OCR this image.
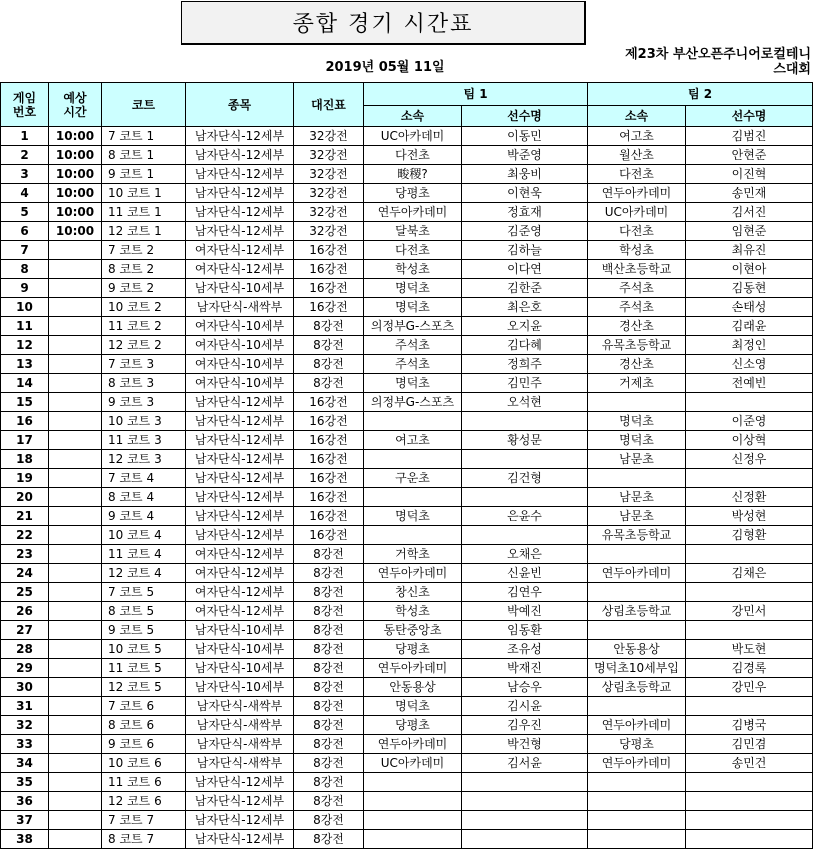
종합 경기 시간표
2019년 05월 11일
제23차 부산오픈주니어로컬테니
스대회
게임
번호	예상
시간	코트	종목	대진표	팀 1		팀 2	
					소속	선수명	소속	선수명
1	10:00	7 코트 1	남자단식-12세부	32강전	UC아카데미	이동민	여고초	김범진
2	10:00	8 코트 1	남자단식-12세부	32강전	다전초	박준영	월산초	안현준
3	10:00	9 코트 1	남자단식-12세부	32강전	畯稷?	최웅비	다전초	이진혁
4	10:00	10 코트 1	남자단식-12세부	32강전	당평초	이현욱	연두아카데미	송민재
5	10:00	11 코트 1	남자단식-12세부	32강전	연두아카데미	정효재	UC아카데미	김서진
6	10:00	12 코트 1	남자단식-12세부	32강전	달북초	김준영	다전초	임현준
7		7 코트 2	여자단식-12세부	16강전	다전초	김하늘	학성초	최유진
8		8 코트 2	여자단식-12세부	16강전	학성초	이다연	백산초등학교	이현아
9		9 코트 2	남자단식-10세부	16강전	명덕초	김한준	주석초	김동현
10		10 코트 2	남자단식-새싹부	16강전	명덕초	최은호	주석초	손태성
11		11 코트 2	여자단식-10세부	8강전	의정부G-스포츠	오지윤	경산초	김래윤
12		12 코트 2	여자단식-10세부	8강전	주석초	김다혜	유목초등학교	최정인
13		7 코트 3	여자단식-10세부	8강전	주석초	정희주	경산초	신소영
14		8 코트 3	여자단식-10세부	8강전	명덕초	김민주	거제초	전예빈
15		9 코트 3	남자단식-12세부	16강전	의정부G-스포츠	오석현		
16		10 코트 3	남자단식-12세부	16강전			명덕초	이준영
17		11 코트 3	남자단식-12세부	16강전	여고초	황성문	명덕초	이상혁
18		12 코트 3	남자단식-12세부	16강전			남문초	신정우
19		7 코트 4	남자단식-12세부	16강전	구운초	김건형		
20		8 코트 4	남자단식-12세부	16강전			남문초	신정환
21		9 코트 4	남자단식-12세부	16강전	명덕초	은윤수	남문초	박성현
22		10 코트 4	남자단식-12세부	16강전			유목초등학교	김형환
23		11 코트 4	여자단식-12세부	8강전	거학초	오채은		
24		12 코트 4	여자단식-12세부	8강전	연두아카데미	신윤빈	연두아카데미	김채은
25		7 코트 5	여자단식-12세부	8강전	창신초	김연우		
26		8 코트 5	여자단식-12세부	8강전	학성초	박예진	상림초등학교	강민서
27		9 코트 5	남자단식-10세부	8강전	동탄중앙초	임동환		
28		10 코트 5	남자단식-10세부	8강전	당평초	조유성	안동용상	박도현
29		11 코트 5	남자단식-10세부	8강전	연두아카데미	박재진	명덕초10세부입	김경록
30		12 코트 5	남자단식-10세부	8강전	안동용상	남승우	상림초등학교	강민우
31		7 코트 6	남자단식-새싹부	8강전	명덕초	김시윤		
32		8 코트 6	남자단식-새싹부	8강전	당평초	김우진	연두아카데미	김병국
33		9 코트 6	남자단식-새싹부	8강전	연두아카데미	박건형	당평초	김민겸
34		10 코트 6	남자단식-새싹부	8강전	UC아카데미	김서윤	연두아카데미	송민건
35		11 코트 6	남자단식-12세부	8강전				
36		12 코트 6	남자단식-12세부	8강전				
37		7 코트 7	남자단식-12세부	8강전				
38		8 코트 7	남자단식-12세부	8강전				
